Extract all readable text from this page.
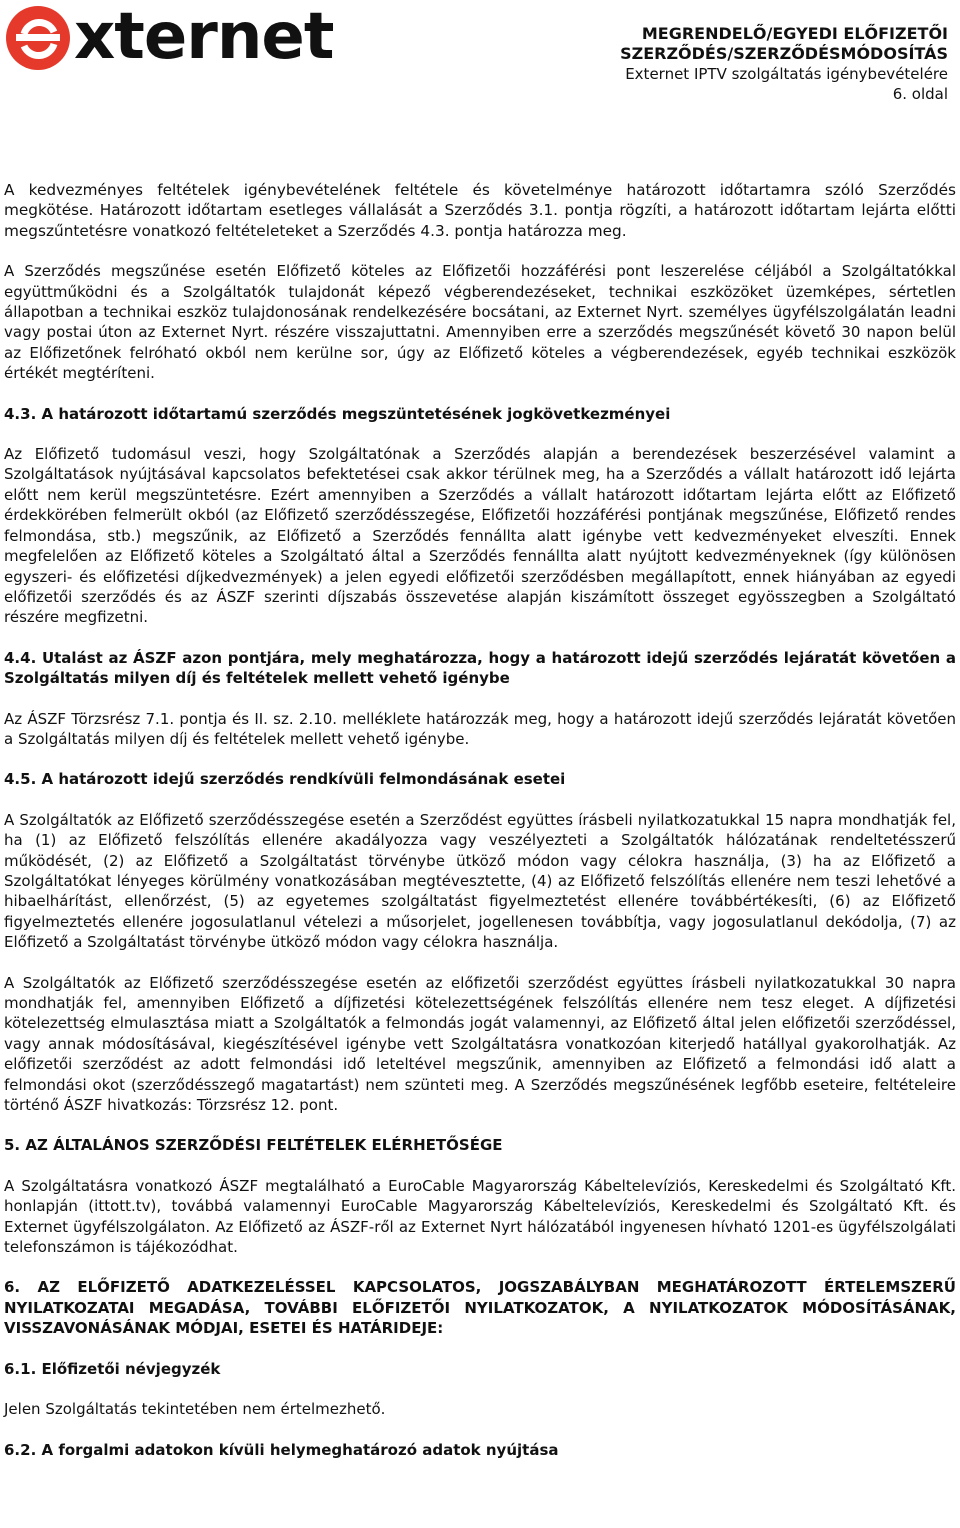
xternet	MEGRENDELŐ/EGYEDI ELŐFIZETŐI
SZERZŐDÉS/SZERZŐDÉSMÓDOSÍTÁS
Externet IPTV szolgáltatás igénybevételére
6. oldal

A kedvezményes feltételek igénybevételének feltétele és követelménye határozott időtartamra szóló Szerződés megkötése. Határozott időtartam esetleges vállalását a Szerződés 3.1. pontja rögzíti, a határozott időtartam lejárta előtti megszűntetésre vonatkozó feltételeteket a Szerződés 4.3. pontja határozza meg.

A Szerződés megszűnése esetén Előfizető köteles az Előfizetői hozzáférési pont leszerelése céljából a Szolgáltatókkal együttműködni és a Szolgáltatók tulajdonát képező végberendezéseket, technikai eszközöket üzemképes, sértetlen állapotban a technikai eszköz tulajdonosának rendelkezésére bocsátani, az Externet Nyrt. személyes ügyfélszolgálatán leadni vagy postai úton az Externet Nyrt. részére visszajuttatni. Amennyiben erre a szerződés megszűnését követő 30 napon belül az Előfizetőnek felróható okból nem kerülne sor, úgy az Előfizető köteles a végberendezések, egyéb technikai eszközök értékét megtéríteni.

4.3. A határozott időtartamú szerződés megszüntetésének jogkövetkezményei

Az Előfizető tudomásul veszi, hogy Szolgáltatónak a Szerződés alapján a berendezések beszerzésével valamint a Szolgáltatások nyújtásával kapcsolatos befektetései csak akkor térülnek meg, ha a Szerződés a vállalt határozott idő lejárta előtt nem kerül megszüntetésre. Ezért amennyiben a Szerződés a vállalt határozott időtartam lejárta előtt az Előfizető érdekkörében felmerült okból (az Előfizető szerződésszegése, Előfizetői hozzáférési pontjának megszűnése, Előfizető rendes felmondása, stb.) megszűnik, az Előfizető a Szerződés fennállta alatt igénybe vett kedvezményeket elveszíti. Ennek megfelelően az Előfizető köteles a Szolgáltató által a Szerződés fennállta alatt nyújtott kedvezményeknek (így különösen egyszeri- és előfizetési díjkedvezmények) a jelen egyedi előfizetői szerződésben megállapított, ennek hiányában az egyedi előfizetői szerződés és az ÁSZF szerinti díjszabás összevetése alapján kiszámított összeget egyösszegben a Szolgáltató részére megfizetni.

4.4. Utalást az ÁSZF azon pontjára, mely meghatározza, hogy a határozott idejű szerződés lejáratát követően a Szolgáltatás milyen díj és feltételek mellett vehető igénybe

Az ÁSZF Törzsrész 7.1. pontja és II. sz. 2.10. melléklete határozzák meg, hogy a határozott idejű szerződés lejáratát követően a Szolgáltatás milyen díj és feltételek mellett vehető igénybe.

4.5. A határozott idejű szerződés rendkívüli felmondásának esetei

A Szolgáltatók az Előfizető szerződésszegése esetén a Szerződést együttes írásbeli nyilatkozatukkal 15 napra mondhatják fel, ha (1) az Előfizető felszólítás ellenére akadályozza vagy veszélyezteti a Szolgáltatók hálózatának rendeltetésszerű működését, (2) az Előfizető a Szolgáltatást törvénybe ütköző módon vagy célokra használja, (3) ha az Előfizető a Szolgáltatókat lényeges körülmény vonatkozásában megtévesztette, (4) az Előfizető felszólítás ellenére nem teszi lehetővé a hibaelhárítást, ellenőrzést, (5) az egyetemes szolgáltatást figyelmeztetést ellenére továbbértékesíti, (6) az Előfizető figyelmeztetés ellenére jogosulatlanul vételezi a műsorjelet, jogellenesen továbbítja, vagy jogosulatlanul dekódolja, (7) az Előfizető a Szolgáltatást törvénybe ütköző módon vagy célokra használja.

A Szolgáltatók az Előfizető szerződésszegése esetén az előfizetői szerződést együttes írásbeli nyilatkozatukkal 30 napra mondhatják fel, amennyiben Előfizető a díjfizetési kötelezettségének felszólítás ellenére nem tesz eleget. A díjfizetési kötelezettség elmulasztása miatt a Szolgáltatók a felmondás jogát valamennyi, az Előfizető által jelen előfizetői szerződéssel, vagy annak módosításával, kiegészítésével igénybe vett Szolgáltatásra vonatkozóan kiterjedő hatállyal gyakorolhatják. Az előfizetői szerződést az adott felmondási idő leteltével megszűnik, amennyiben az Előfizető a felmondási idő alatt a felmondási okot (szerződésszegő magatartást) nem szünteti meg. A Szerződés megszűnésének legfőbb eseteire, feltételeire történő ÁSZF hivatkozás: Törzsrész 12. pont.

5. AZ ÁLTALÁNOS SZERZŐDÉSI FELTÉTELEK ELÉRHETŐSÉGE

A Szolgáltatásra vonatkozó ÁSZF megtalálható a EuroCable Magyarország Kábeltelevíziós, Kereskedelmi és Szolgáltató Kft. honlapján (ittott.tv), továbbá valamennyi EuroCable Magyarország Kábeltelevíziós, Kereskedelmi és Szolgáltató Kft. és Externet ügyfélszolgálaton. Az Előfizető az ÁSZF-ről az Externet Nyrt hálózatából ingyenesen hívható 1201-es ügyfélszolgálati telefonszámon is tájékozódhat.

6. AZ ELŐFIZETŐ ADATKEZELÉSSEL KAPCSOLATOS, JOGSZABÁLYBAN MEGHATÁROZOTT ÉRTELEMSZERŰ NYILATKOZATAI MEGADÁSA, TOVÁBBI ELŐFIZETŐI NYILATKOZATOK, A NYILATKOZATOK MÓDOSÍTÁSÁNAK, VISSZAVONÁSÁNAK MÓDJAI, ESETEI ÉS HATÁRIDEJE:

6.1. Előfizetői névjegyzék

Jelen Szolgáltatás tekintetében nem értelmezhető.

6.2. A forgalmi adatokon kívüli helymeghatározó adatok nyújtása
